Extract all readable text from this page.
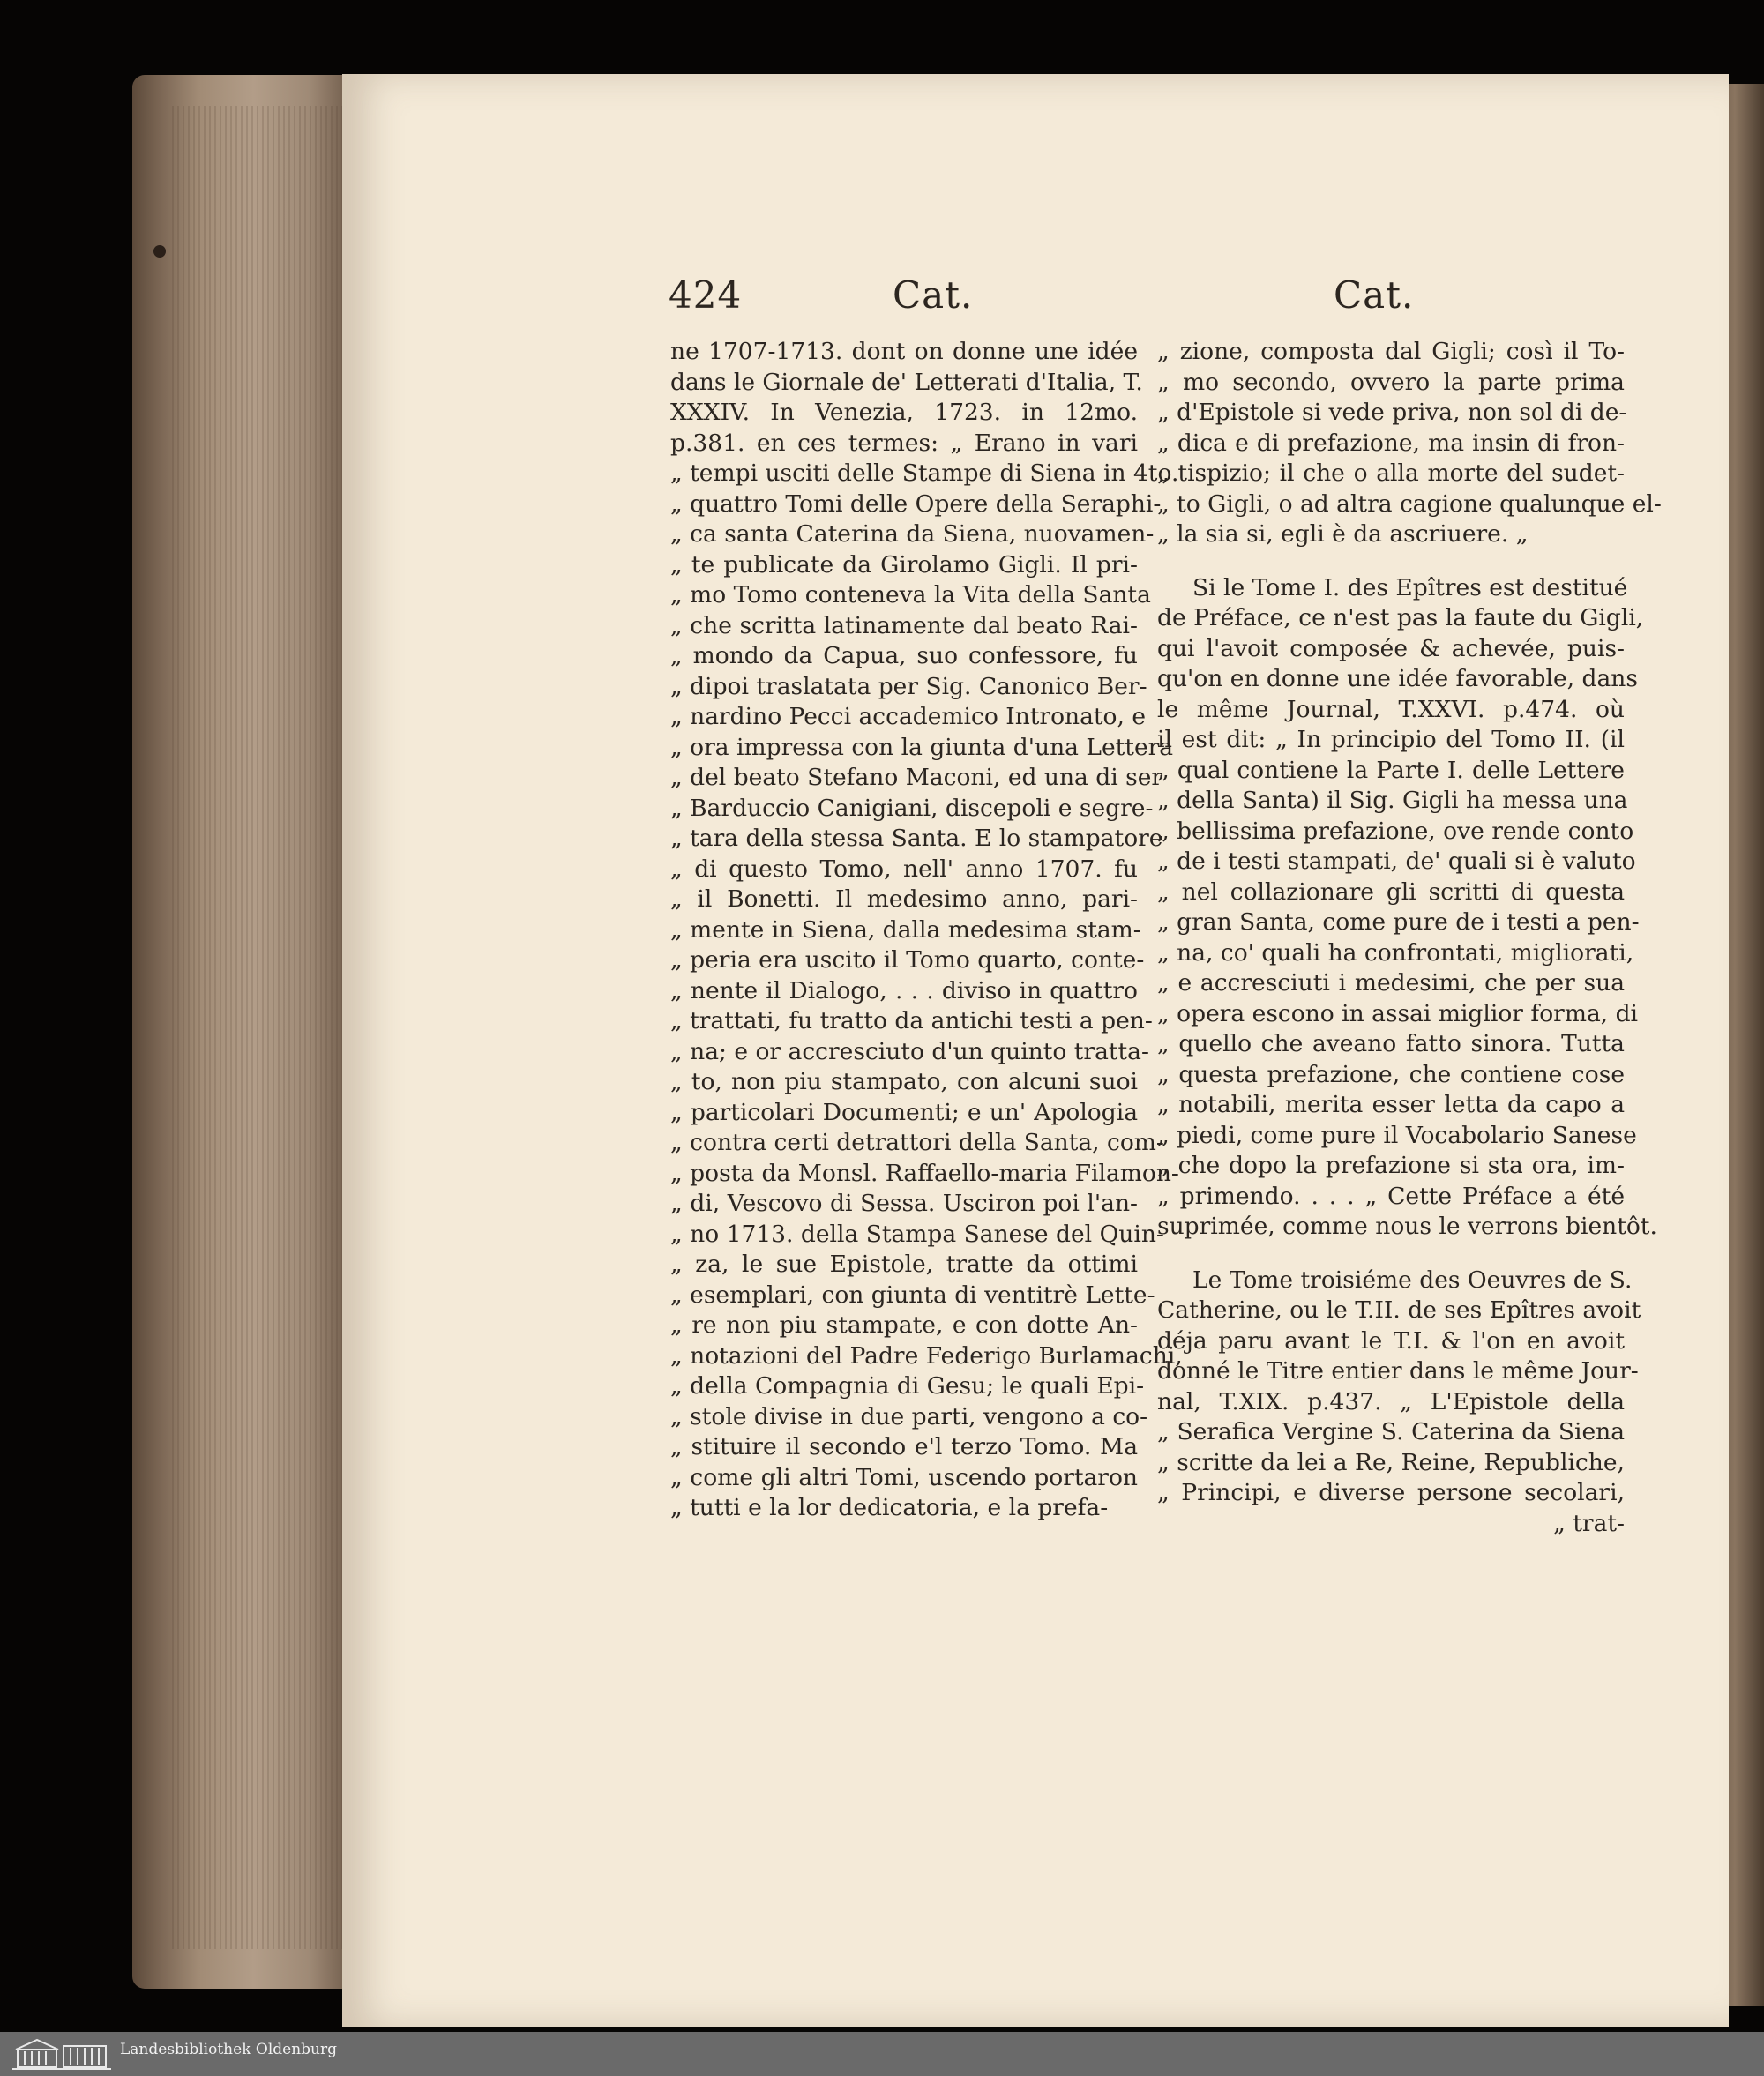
424	Cat.	Cat.
ne 1707-1713. dont on donne une idée
dans le Giornale de' Letterati d'Italia, T.
XXXIV. In Venezia, 1723. in 12mo.
p.381. en ces termes: „ Erano in vari
„ tempi usciti delle Stampe di Siena in 4to.
„ quattro Tomi delle Opere della Seraphi-
„ ca santa Caterina da Siena, nuovamen-
„ te publicate da Girolamo Gigli. Il pri-
„ mo Tomo conteneva la Vita della Santa
„ che scritta latinamente dal beato Rai-
„ mondo da Capua, suo confessore, fu
„ dipoi traslatata per Sig. Canonico Ber-
„ nardino Pecci accademico Intronato, e
„ ora impressa con la giunta d'una Lettera
„ del beato Stefano Maconi, ed una di ser
„ Barduccio Canigiani, discepoli e segre-
„ tara della stessa Santa. E lo stampatore
„ di questo Tomo, nell' anno 1707. fu
„ il Bonetti. Il medesimo anno, pari-
„ mente in Siena, dalla medesima stam-
„ peria era uscito il Tomo quarto, conte-
„ nente il Dialogo, . . . diviso in quattro
„ trattati, fu tratto da antichi testi a pen-
„ na; e or accresciuto d'un quinto tratta-
„ to, non piu stampato, con alcuni suoi
„ particolari Documenti; e un' Apologia
„ contra certi detrattori della Santa, com-
„ posta da Monsl. Raffaello-maria Filamon-
„ di, Vescovo di Sessa. Usciron poi l'an-
„ no 1713. della Stampa Sanese del Quin-
„ za, le sue Epistole, tratte da ottimi
„ esemplari, con giunta di ventitrè Lette-
„ re non piu stampate, e con dotte An-
„ notazioni del Padre Federigo Burlamachi,
„ della Compagnia di Gesu; le quali Epi-
„ stole divise in due parti, vengono a co-
„ stituire il secondo e'l terzo Tomo. Ma
„ come gli altri Tomi, uscendo portaron
„ tutti e la lor dedicatoria, e la prefa-
„ zione, composta dal Gigli; così il To-
„ mo secondo, ovvero la parte prima
„ d'Epistole si vede priva, non sol di de-
„ dica e di prefazione, ma insin di fron-
„ tispizio; il che o alla morte del sudet-
„ to Gigli, o ad altra cagione qualunque el-
„ la sia si, egli è da ascriuere. „
Si le Tome I. des Epîtres est destitué
de Préface, ce n'est pas la faute du Gigli,
qui l'avoit composée & achevée, puis-
qu'on en donne une idée favorable, dans
le même Journal, T.XXVI. p.474. où
il est dit: „ In principio del Tomo II. (il
„ qual contiene la Parte I. delle Lettere
„ della Santa) il Sig. Gigli ha messa una
„ bellissima prefazione, ove rende conto
„ de i testi stampati, de' quali si è valuto
„ nel collazionare gli scritti di questa
„ gran Santa, come pure de i testi a pen-
„ na, co' quali ha confrontati, migliorati,
„ e accresciuti i medesimi, che per sua
„ opera escono in assai miglior forma, di
„ quello che aveano fatto sinora. Tutta
„ questa prefazione, che contiene cose
„ notabili, merita esser letta da capo a
„ piedi, come pure il Vocabolario Sanese
„ che dopo la prefazione si sta ora, im-
„ primendo. . . . „ Cette Préface a été
suprimée, comme nous le verrons bientôt.
Le Tome troisiéme des Oeuvres de S.
Catherine, ou le T.II. de ses Epîtres avoit
déja paru avant le T.I. & l'on en avoit
donné le Titre entier dans le même Jour-
nal, T.XIX. p.437. „ L'Epistole della
„ Serafica Vergine S. Caterina da Siena
„ scritte da lei a Re, Reine, Republiche,
„ Principi, e diverse persone secolari,
„ trat-
Landesbibliothek Oldenburg
